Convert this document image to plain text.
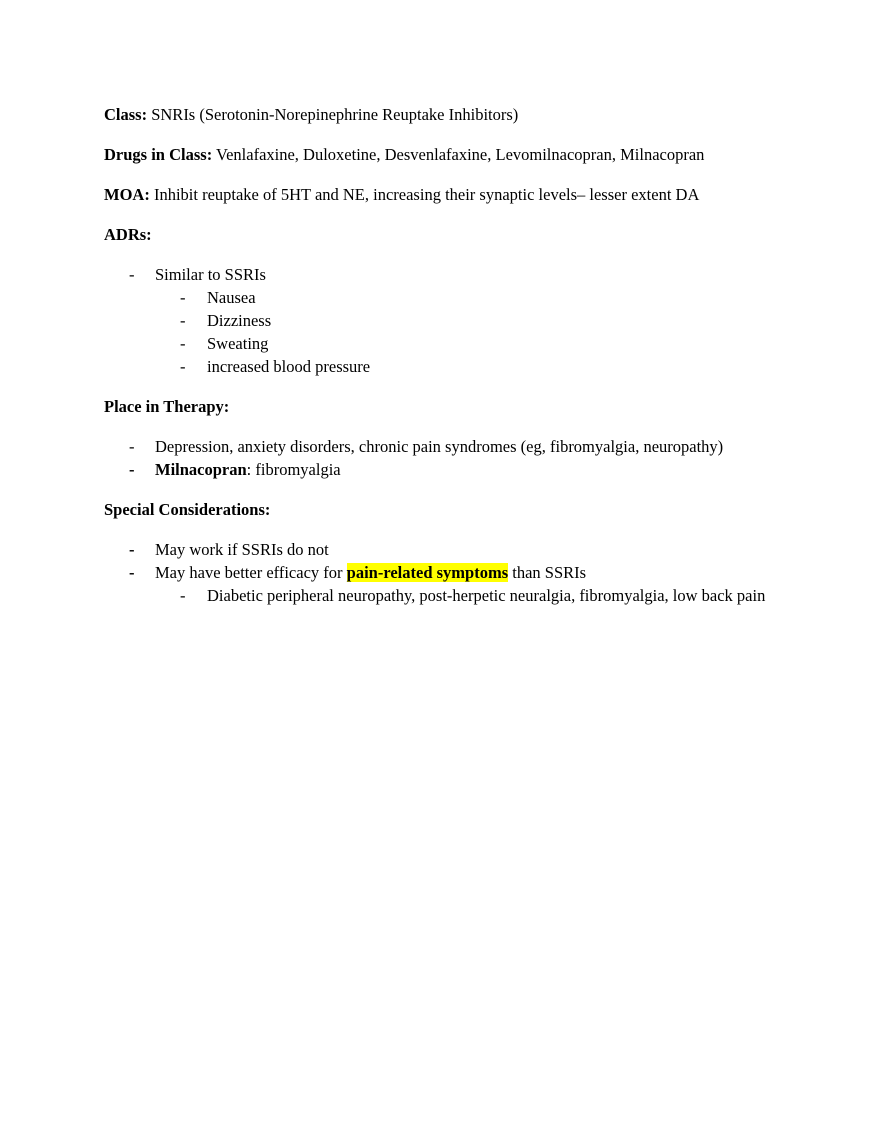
Class: SNRIs (Serotonin-Norepinephrine Reuptake Inhibitors)

Drugs in Class: Venlafaxine, Duloxetine, Desvenlafaxine, Levomilnacopran, Milnacopran

MOA: Inhibit reuptake of 5HT and NE, increasing their synaptic levels– lesser extent DA

ADRs:

- Similar to SSRIs
- Nausea
- Dizziness
- Sweating
- increased blood pressure

Place in Therapy:

- Depression, anxiety disorders, chronic pain syndromes (eg, fibromyalgia, neuropathy)
- Milnacopran: fibromyalgia

Special Considerations:

- May work if SSRIs do not
- May have better efficacy for pain-related symptoms than SSRIs
- Diabetic peripheral neuropathy, post-herpetic neuralgia, fibromyalgia, low back pain
